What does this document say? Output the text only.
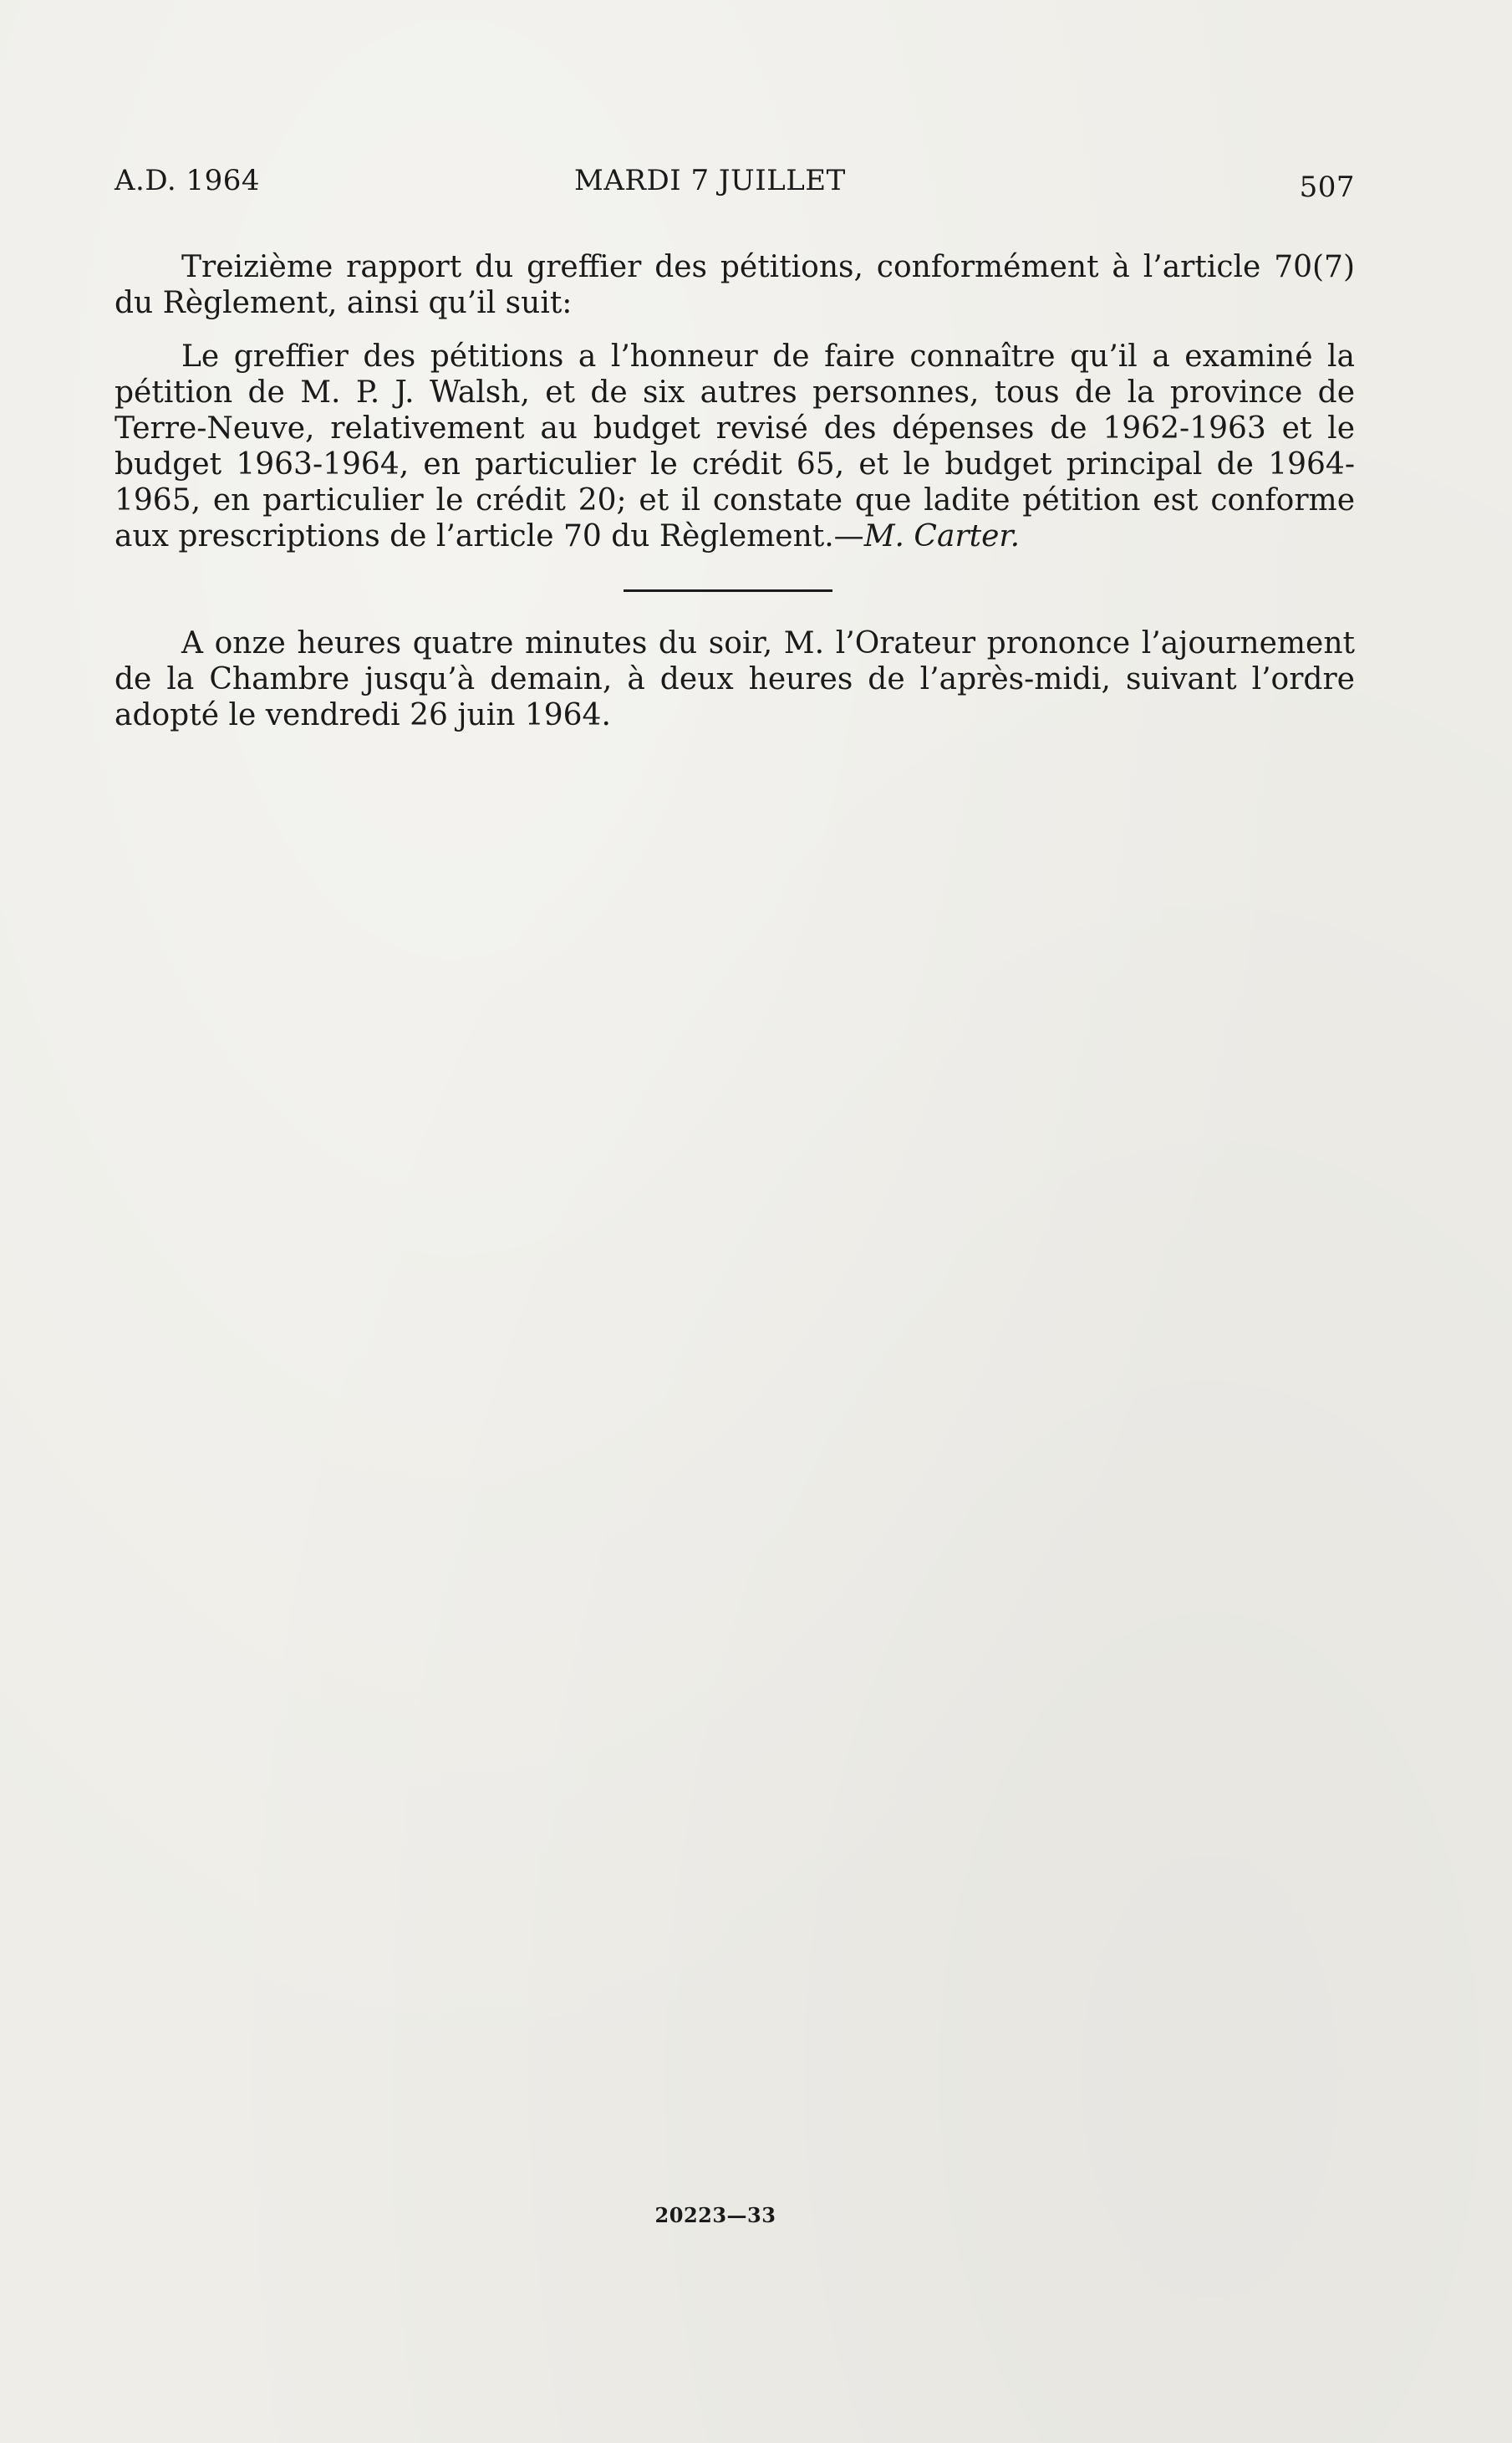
A.D. 1964	MARDI 7 JUILLET	507

Treizième rapport du greffier des pétitions, conformément à l’article 70(7) du Règlement, ainsi qu’il suit:

Le greffier des pétitions a l’honneur de faire connaître qu’il a examiné la pétition de M. P. J. Walsh, et de six autres personnes, tous de la province de Terre-Neuve, relativement au budget revisé des dépenses de 1962-1963 et le budget 1963-1964, en particulier le crédit 65, et le budget principal de 1964-1965, en particulier le crédit 20; et il constate que ladite pétition est conforme aux prescriptions de l’article 70 du Règlement.—M. Carter.

A onze heures quatre minutes du soir, M. l’Orateur prononce l’ajournement de la Chambre jusqu’à demain, à deux heures de l’après-midi, suivant l’ordre adopté le vendredi 26 juin 1964.

20223—33
